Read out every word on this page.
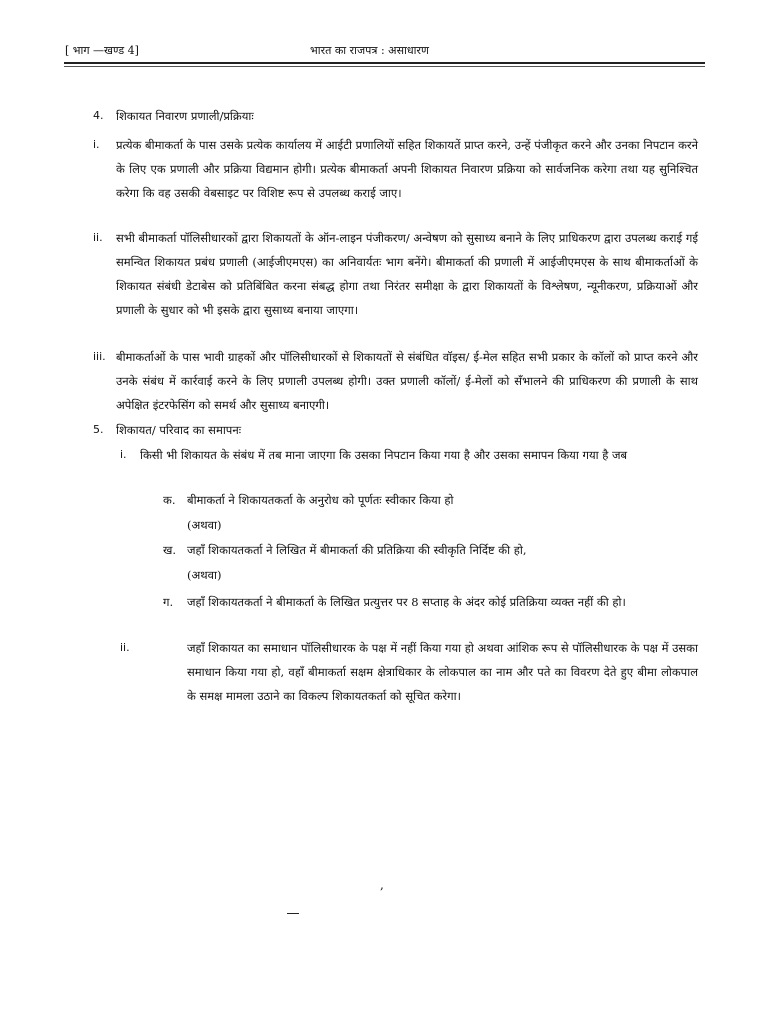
[ भाग —खण्ड 4]	भारत का राजपत्र : असाधारण
4. शिकायत निवारण प्रणाली/प्रक्रियाः
i. प्रत्येक बीमाकर्ता के पास उसके प्रत्येक कार्यालय में आईटी प्रणालियों सहित शिकायतें प्राप्त करने, उन्हें पंजीकृत करने और उनका निपटान करने के लिए एक प्रणाली और प्रक्रिया विद्यमान होगी। प्रत्येक बीमाकर्ता अपनी शिकायत निवारण प्रक्रिया को सार्वजनिक करेगा तथा यह सुनिश्चित करेगा कि वह उसकी वेबसाइट पर विशिष्ट रूप से उपलब्ध कराई जाए।
ii. सभी बीमाकर्ता पॉलिसीधारकों द्वारा शिकायतों के ऑन-लाइन पंजीकरण/ अन्वेषण को सुसाध्य बनाने के लिए प्राधिकरण द्वारा उपलब्ध कराई गई समन्वित शिकायत प्रबंध प्रणाली (आईजीएमएस) का अनिवार्यतः भाग बनेंगे। बीमाकर्ता की प्रणाली में आईजीएमएस के साथ बीमाकर्ताओं के शिकायत संबंधी डेटाबेस को प्रतिबिंबित करना संबद्ध होगा तथा निरंतर समीक्षा के द्वारा शिकायतों के विश्लेषण, न्यूनीकरण, प्रक्रियाओं और प्रणाली के सुधार को भी इसके द्वारा सुसाध्य बनाया जाएगा।
iii. बीमाकर्ताओं के पास भावी ग्राहकों और पॉलिसीधारकों से शिकायतों से संबंधित वॉइस/ ई-मेल सहित सभी प्रकार के कॉलों को प्राप्त करने और उनके संबंध में कार्रवाई करने के लिए प्रणाली उपलब्ध होगी। उक्त प्रणाली कॉलों/ ई-मेलों को सँभालने की प्राधिकरण की प्रणाली के साथ अपेक्षित इंटरफेसिंग को समर्थ और सुसाध्य बनाएगी।
5. शिकायत/ परिवाद का समापनः
i. किसी भी शिकायत के संबंध में तब माना जाएगा कि उसका निपटान किया गया है और उसका समापन किया गया है जब
क. बीमाकर्ता ने शिकायतकर्ता के अनुरोध को पूर्णतः स्वीकार किया हो
(अथवा)
ख. जहाँ शिकायतकर्ता ने लिखित में बीमाकर्ता की प्रतिक्रिया की स्वीकृति निर्दिष्ट की हो,
(अथवा)
ग. जहाँ शिकायतकर्ता ने बीमाकर्ता के लिखित प्रत्युत्तर पर 8 सप्ताह के अंदर कोई प्रतिक्रिया व्यक्त नहीं की हो।
ii.	जहाँ शिकायत का समाधान पॉलिसीधारक के पक्ष में नहीं किया गया हो अथवा आंशिक रूप से पॉलिसीधारक के पक्ष में उसका समाधान किया गया हो, वहाँ बीमाकर्ता सक्षम क्षेत्राधिकार के लोकपाल का नाम और पते का विवरण देते हुए बीमा लोकपाल के समक्ष मामला उठाने का विकल्प शिकायतकर्ता को सूचित करेगा।
,
